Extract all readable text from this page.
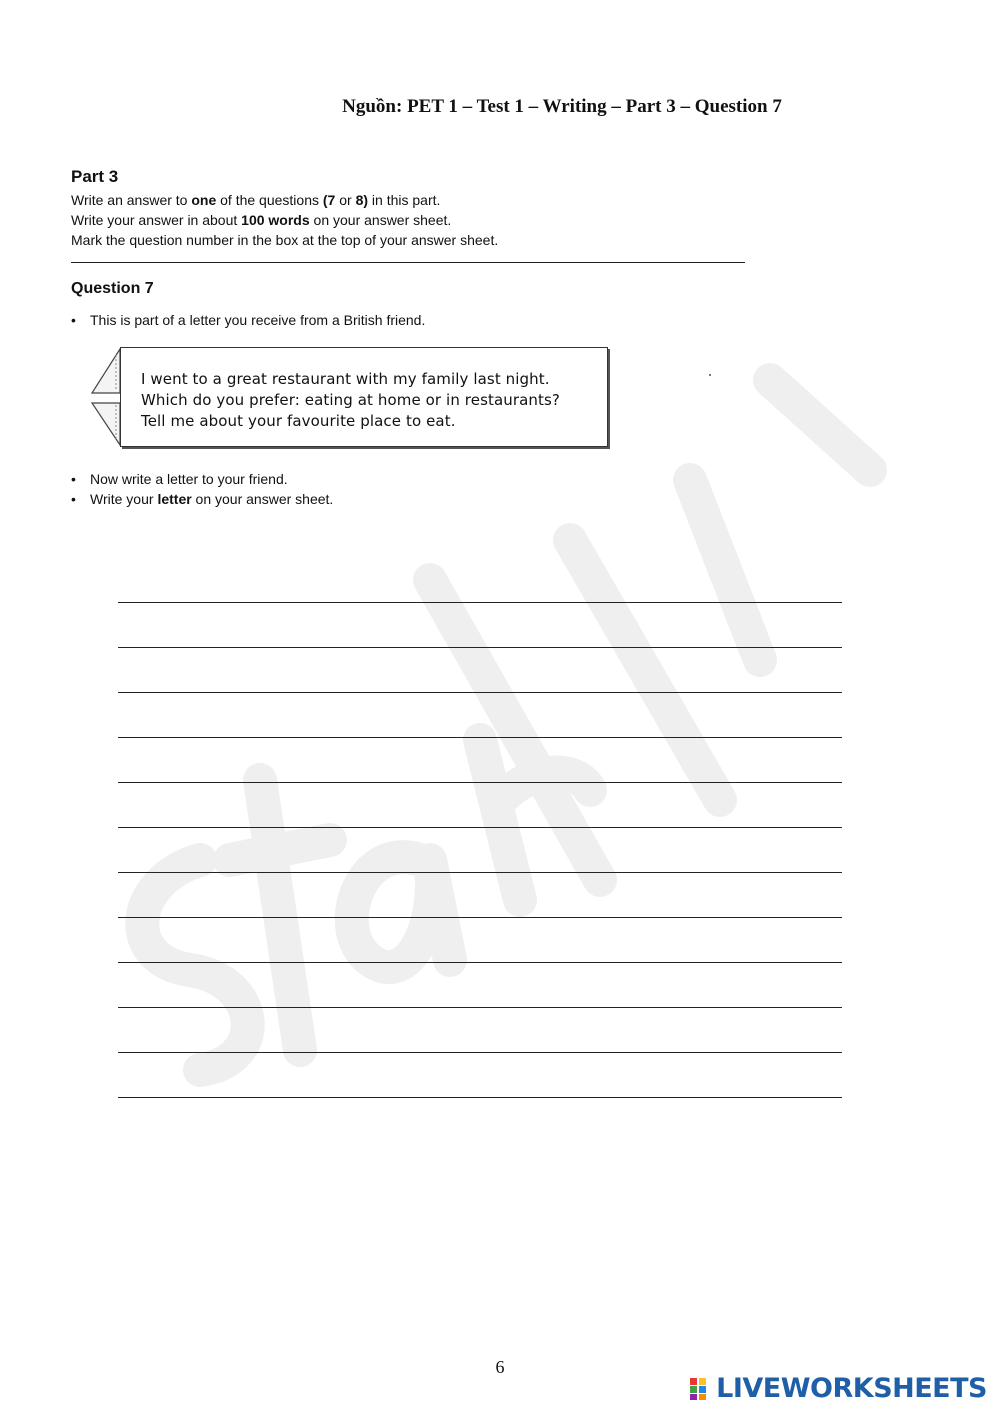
Nguồn: PET 1 – Test 1 – Writing – Part 3 – Question 7
Part 3
Write an answer to one of the questions (7 or 8) in this part.
Write your answer in about 100 words on your answer sheet.
Mark the question number in the box at the top of your answer sheet.
Question 7
• This is part of a letter you receive from a British friend.
I went to a great restaurant with my family last night.
Which do you prefer: eating at home or in restaurants?
Tell me about your favourite place to eat.
• Now write a letter to your friend.
• Write your letter on your answer sheet.
6
LIVEWORKSHEETS
